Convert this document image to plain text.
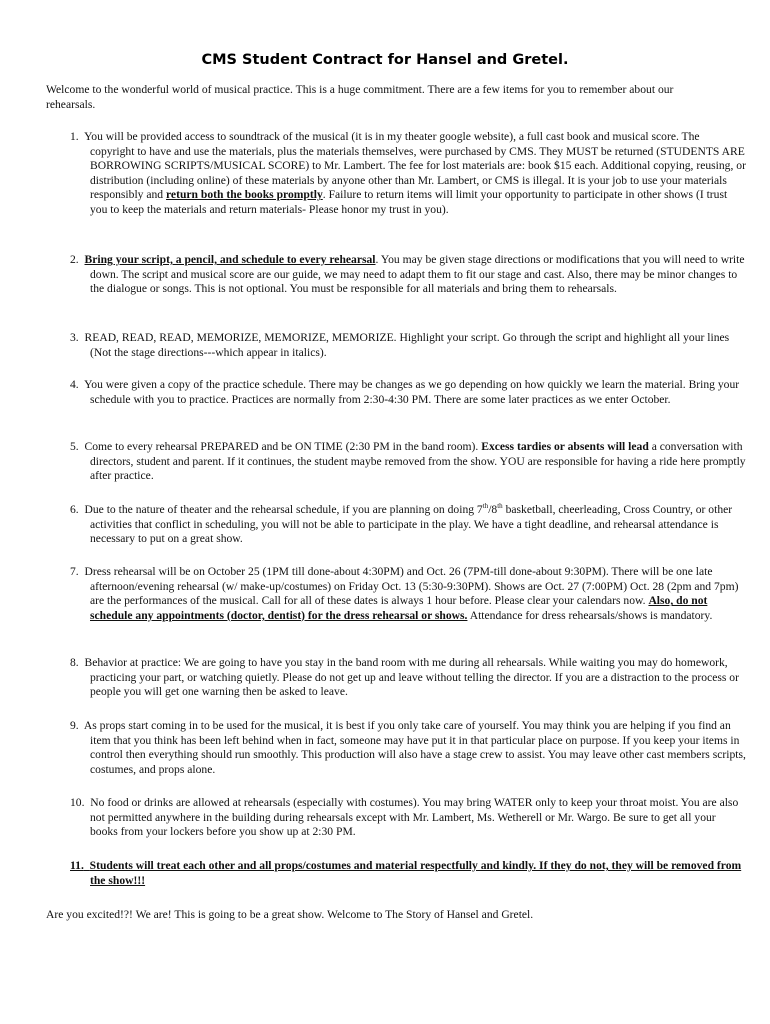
CMS Student Contract for Hansel and Gretel.
Welcome to the wonderful world of musical practice. This is a huge commitment. There are a few items for you to remember about our rehearsals.
1. You will be provided access to soundtrack of the musical (it is in my theater google website), a full cast book and musical score. The copyright to have and use the materials, plus the materials themselves, were purchased by CMS. They MUST be returned (STUDENTS ARE BORROWING SCRIPTS/MUSICAL SCORE) to Mr. Lambert. The fee for lost materials are: book $15 each. Additional copying, reusing, or distribution (including online) of these materials by anyone other than Mr. Lambert, or CMS is illegal. It is your job to use your materials responsibly and return both the books promptly. Failure to return items will limit your opportunity to participate in other shows (I trust you to keep the materials and return materials- Please honor my trust in you).
2. Bring your script, a pencil, and schedule to every rehearsal. You may be given stage directions or modifications that you will need to write down. The script and musical score are our guide, we may need to adapt them to fit our stage and cast. Also, there may be minor changes to the dialogue or songs. This is not optional. You must be responsible for all materials and bring them to rehearsals.
3. READ, READ, READ, MEMORIZE, MEMORIZE, MEMORIZE. Highlight your script. Go through the script and highlight all your lines (Not the stage directions---which appear in italics).
4. You were given a copy of the practice schedule. There may be changes as we go depending on how quickly we learn the material. Bring your schedule with you to practice. Practices are normally from 2:30-4:30 PM. There are some later practices as we enter October.
5. Come to every rehearsal PREPARED and be ON TIME (2:30 PM in the band room). Excess tardies or absents will lead a conversation with directors, student and parent. If it continues, the student maybe removed from the show. YOU are responsible for having a ride here promptly after practice.
6. Due to the nature of theater and the rehearsal schedule, if you are planning on doing 7th/8th basketball, cheerleading, Cross Country, or other activities that conflict in scheduling, you will not be able to participate in the play. We have a tight deadline, and rehearsal attendance is necessary to put on a great show.
7. Dress rehearsal will be on October 25 (1PM till done-about 4:30PM) and Oct. 26 (7PM-till done-about 9:30PM). There will be one late afternoon/evening rehearsal (w/ make-up/costumes) on Friday Oct. 13 (5:30-9:30PM). Shows are Oct. 27 (7:00PM) Oct. 28 (2pm and 7pm) are the performances of the musical. Call for all of these dates is always 1 hour before. Please clear your calendars now. Also, do not schedule any appointments (doctor, dentist) for the dress rehearsal or shows. Attendance for dress rehearsals/shows is mandatory.
8. Behavior at practice: We are going to have you stay in the band room with me during all rehearsals. While waiting you may do homework, practicing your part, or watching quietly. Please do not get up and leave without telling the director. If you are a distraction to the process or people you will get one warning then be asked to leave.
9. As props start coming in to be used for the musical, it is best if you only take care of yourself. You may think you are helping if you find an item that you think has been left behind when in fact, someone may have put it in that particular place on purpose. If you keep your items in control then everything should run smoothly. This production will also have a stage crew to assist. You may leave other cast members scripts, costumes, and props alone.
10. No food or drinks are allowed at rehearsals (especially with costumes). You may bring WATER only to keep your throat moist. You are also not permitted anywhere in the building during rehearsals except with Mr. Lambert, Ms. Wetherell or Mr. Wargo. Be sure to get all your books from your lockers before you show up at 2:30 PM.
11. Students will treat each other and all props/costumes and material respectfully and kindly. If they do not, they will be removed from the show!!!
Are you excited!?! We are! This is going to be a great show. Welcome to The Story of Hansel and Gretel.
